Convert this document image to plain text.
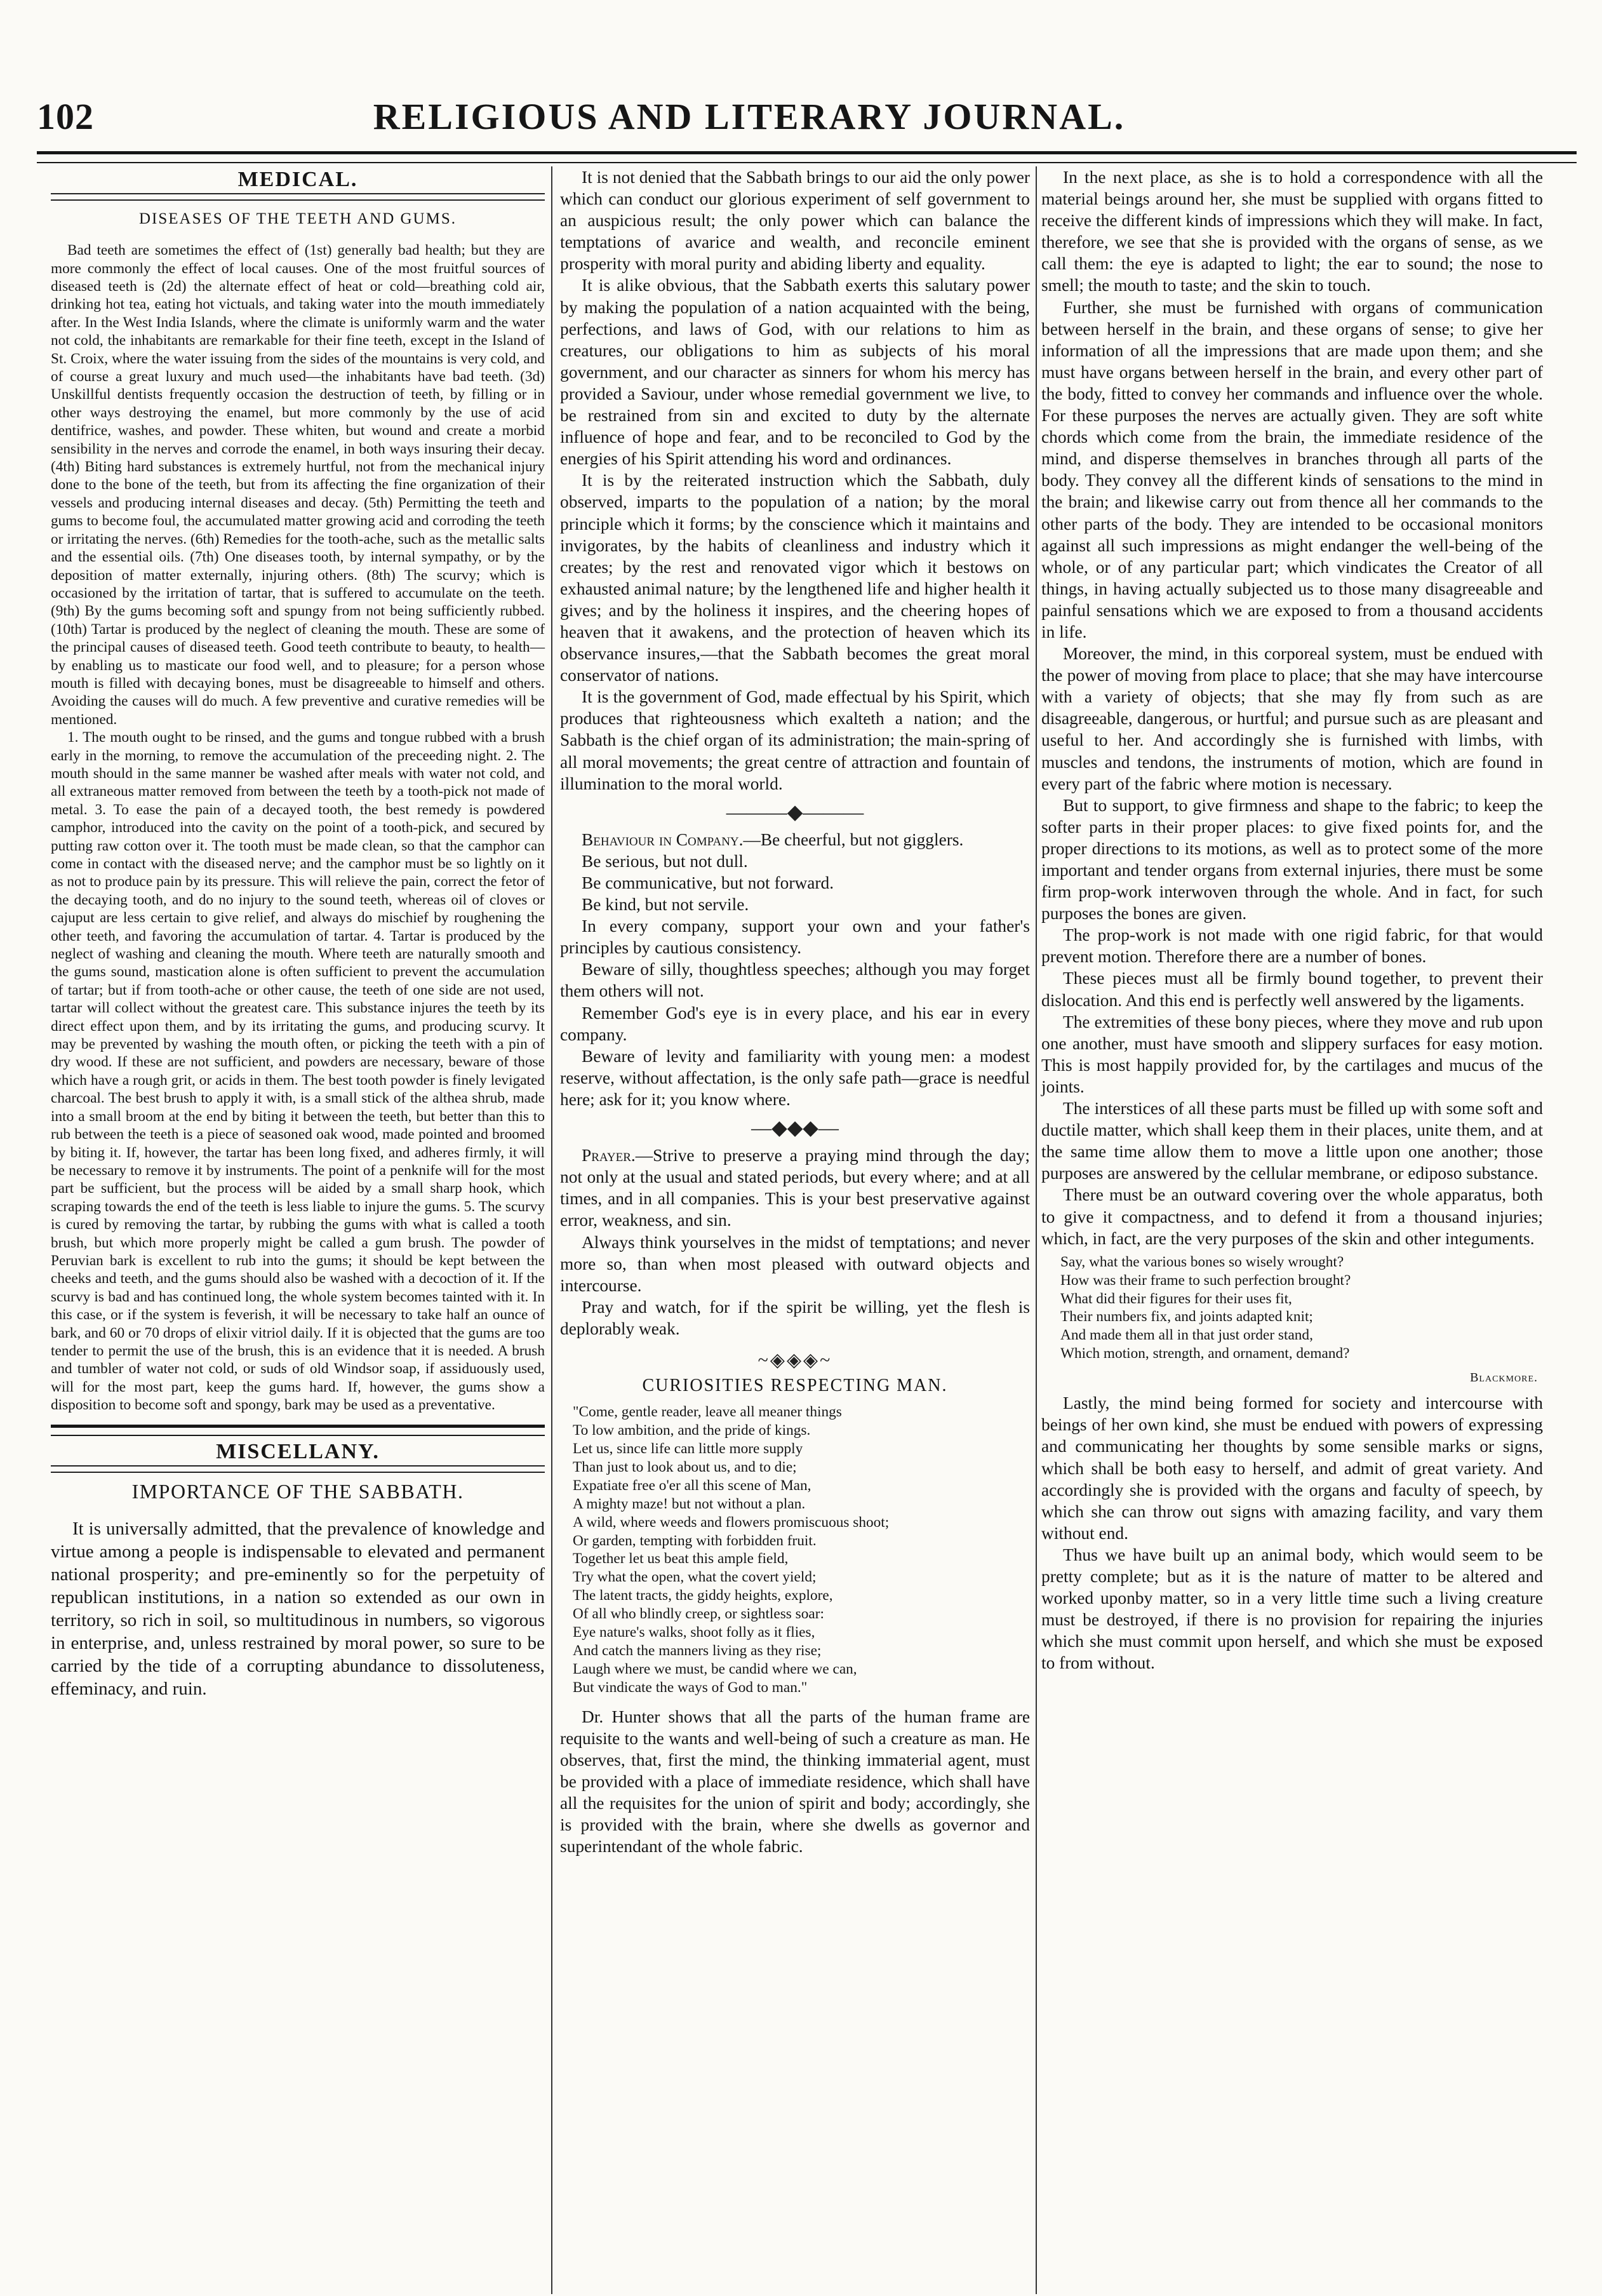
102	RELIGIOUS AND LITERARY JOURNAL.
MEDICAL.
DISEASES OF THE TEETH AND GUMS.

Bad teeth are sometimes the effect of (1st) generally bad health; but they are more commonly the effect of local causes. One of the most fruitful sources of diseased teeth is (2d) the alternate effect of heat or cold—breathing cold air, drinking hot tea, eating hot victuals, and taking water into the mouth immediately after. In the West India Islands, where the climate is uniformly warm and the water not cold, the inhabitants are remarkable for their fine teeth, except in the Island of St. Croix, where the water issuing from the sides of the mountains is very cold, and of course a great luxury and much used—the inhabitants have bad teeth. (3d) Unskillful dentists frequently occasion the destruction of teeth, by filling or in other ways destroying the enamel, but more commonly by the use of acid dentifrice, washes, and powder. These whiten, but wound and create a morbid sensibility in the nerves and corrode the enamel, in both ways insuring their decay. (4th) Biting hard substances is extremely hurtful, not from the mechanical injury done to the bone of the teeth, but from its affecting the fine organization of their vessels and producing internal diseases and decay. (5th) Permitting the teeth and gums to become foul, the accumulated matter growing acid and corroding the teeth or irritating the nerves. (6th) Remedies for the tooth-ache, such as the metallic salts and the essential oils. (7th) One diseases tooth, by internal sympathy, or by the deposition of matter externally, injuring others. (8th) The scurvy; which is occasioned by the irritation of tartar, that is suffered to accumulate on the teeth. (9th) By the gums becoming soft and spungy from not being sufficiently rubbed. (10th) Tartar is produced by the neglect of cleaning the mouth. These are some of the principal causes of diseased teeth. Good teeth contribute to beauty, to health—by enabling us to masticate our food well, and to pleasure; for a person whose mouth is filled with decaying bones, must be disagreeable to himself and others. Avoiding the causes will do much. A few preventive and curative remedies will be mentioned.

1. The mouth ought to be rinsed, and the gums and tongue rubbed with a brush early in the morning, to remove the accumulation of the preceeding night. 2. The mouth should in the same manner be washed after meals with water not cold, and all extraneous matter removed from between the teeth by a tooth-pick not made of metal. 3. To ease the pain of a decayed tooth, the best remedy is powdered camphor, introduced into the cavity on the point of a tooth-pick, and secured by putting raw cotton over it. The tooth must be made clean, so that the camphor can come in contact with the diseased nerve; and the camphor must be so lightly on it as not to produce pain by its pressure. This will relieve the pain, correct the fetor of the decaying tooth, and do no injury to the sound teeth, whereas oil of cloves or cajuput are less certain to give relief, and always do mischief by roughening the other teeth, and favoring the accumulation of tartar. 4. Tartar is produced by the neglect of washing and cleaning the mouth. Where teeth are naturally smooth and the gums sound, mastication alone is often sufficient to prevent the accumulation of tartar; but if from tooth-ache or other cause, the teeth of one side are not used, tartar will collect without the greatest care. This substance injures the teeth by its direct effect upon them, and by its irritating the gums, and producing scurvy. It may be prevented by washing the mouth often, or picking the teeth with a pin of dry wood. If these are not sufficient, and powders are necessary, beware of those which have a rough grit, or acids in them. The best tooth powder is finely levigated charcoal. The best brush to apply it with, is a small stick of the althea shrub, made into a small broom at the end by biting it between the teeth, but better than this to rub between the teeth is a piece of seasoned oak wood, made pointed and broomed by biting it. If, however, the tartar has been long fixed, and adheres firmly, it will be necessary to remove it by instruments. The point of a penknife will for the most part be sufficient, but the process will be aided by a small sharp hook, which scraping towards the end of the teeth is less liable to injure the gums. 5. The scurvy is cured by removing the tartar, by rubbing the gums with what is called a tooth brush, but which more properly might be called a gum brush. The powder of Peruvian bark is excellent to rub into the gums; it should be kept between the cheeks and teeth, and the gums should also be washed with a decoction of it. If the scurvy is bad and has continued long, the whole system becomes tainted with it. In this case, or if the system is feverish, it will be necessary to take half an ounce of bark, and 60 or 70 drops of elixir vitriol daily. If it is objected that the gums are too tender to permit the use of the brush, this is an evidence that it is needed. A brush and tumbler of water not cold, or suds of old Windsor soap, if assiduously used, will for the most part, keep the gums hard. If, however, the gums show a disposition to become soft and spongy, bark may be used as a preventative.

MISCELLANY.
IMPORTANCE OF THE SABBATH.

It is universally admitted, that the prevalence of knowledge and virtue among a people is indispensable to elevated and permanent national prosperity; and pre-eminently so for the perpetuity of republican institutions, in a nation so extended as our own in territory, so rich in soil, so multitudinous in numbers, so vigorous in enterprise, and, unless restrained by moral power, so sure to be carried by the tide of a corrupting abundance to dissoluteness, effeminacy, and ruin.

It is not denied that the Sabbath brings to our aid the only power which can conduct our glorious experiment of self government to an auspicious result; the only power which can balance the temptations of avarice and wealth, and reconcile eminent prosperity with moral purity and abiding liberty and equality.

It is alike obvious, that the Sabbath exerts this salutary power by making the population of a nation acquainted with the being, perfections, and laws of God, with our relations to him as creatures, our obligations to him as subjects of his moral government, and our character as sinners for whom his mercy has provided a Saviour, under whose remedial government we live, to be restrained from sin and excited to duty by the alternate influence of hope and fear, and to be reconciled to God by the energies of his Spirit attending his word and ordinances.

It is by the reiterated instruction which the Sabbath, duly observed, imparts to the population of a nation; by the moral principle which it forms; by the conscience which it maintains and invigorates, by the habits of cleanliness and industry which it creates; by the rest and renovated vigor which it bestows on exhausted animal nature; by the lengthened life and higher health it gives; and by the holiness it inspires, and the cheering hopes of heaven that it awakens, and the protection of heaven which its observance insures,—that the Sabbath becomes the great moral conservator of nations.

It is the government of God, made effectual by his Spirit, which produces that righteousness which exalteth a nation; and the Sabbath is the chief organ of its administration; the main-spring of all moral movements; the great centre of attraction and fountain of illumination to the moral world.

———◆———

Behaviour in Company.—Be cheerful, but not gigglers.

Be serious, but not dull.

Be communicative, but not forward.

Be kind, but not servile.

In every company, support your own and your father's principles by cautious consistency.

Beware of silly, thoughtless speeches; although you may forget them others will not.

Remember God's eye is in every place, and his ear in every company.

Beware of levity and familiarity with young men: a modest reserve, without affectation, is the only safe path—grace is needful here; ask for it; you know where.

—◆◆◆—

Prayer.—Strive to preserve a praying mind through the day; not only at the usual and stated periods, but every where; and at all times, and in all companies. This is your best preservative against error, weakness, and sin.

Always think yourselves in the midst of temptations; and never more so, than when most pleased with outward objects and intercourse.

Pray and watch, for if the spirit be willing, yet the flesh is deplorably weak.

~◈◈◈~
CURIOSITIES RESPECTING MAN.
"Come, gentle reader, leave all meaner things
To low ambition, and the pride of kings.
Let us, since life can little more supply
Than just to look about us, and to die;
Expatiate free o'er all this scene of Man,
A mighty maze! but not without a plan.
A wild, where weeds and flowers promiscuous shoot;
Or garden, tempting with forbidden fruit.
Together let us beat this ample field,
Try what the open, what the covert yield;
The latent tracts, the giddy heights, explore,
Of all who blindly creep, or sightless soar:
Eye nature's walks, shoot folly as it flies,
And catch the manners living as they rise;
Laugh where we must, be candid where we can,
But vindicate the ways of God to man."

Dr. Hunter shows that all the parts of the human frame are requisite to the wants and well-being of such a creature as man. He observes, that, first the mind, the thinking immaterial agent, must be provided with a place of immediate residence, which shall have all the requisites for the union of spirit and body; accordingly, she is provided with the brain, where she dwells as governor and superintendant of the whole fabric.

In the next place, as she is to hold a correspondence with all the material beings around her, she must be supplied with organs fitted to receive the different kinds of impressions which they will make. In fact, therefore, we see that she is provided with the organs of sense, as we call them: the eye is adapted to light; the ear to sound; the nose to smell; the mouth to taste; and the skin to touch.

Further, she must be furnished with organs of communication between herself in the brain, and these organs of sense; to give her information of all the impressions that are made upon them; and she must have organs between herself in the brain, and every other part of the body, fitted to convey her commands and influence over the whole. For these purposes the nerves are actually given. They are soft white chords which come from the brain, the immediate residence of the mind, and disperse themselves in branches through all parts of the body. They convey all the different kinds of sensations to the mind in the brain; and likewise carry out from thence all her commands to the other parts of the body. They are intended to be occasional monitors against all such impressions as might endanger the well-being of the whole, or of any particular part; which vindicates the Creator of all things, in having actually subjected us to those many disagreeable and painful sensations which we are exposed to from a thousand accidents in life.

Moreover, the mind, in this corporeal system, must be endued with the power of moving from place to place; that she may have intercourse with a variety of objects; that she may fly from such as are disagreeable, dangerous, or hurtful; and pursue such as are pleasant and useful to her. And accordingly she is furnished with limbs, with muscles and tendons, the instruments of motion, which are found in every part of the fabric where motion is necessary.

But to support, to give firmness and shape to the fabric; to keep the softer parts in their proper places: to give fixed points for, and the proper directions to its motions, as well as to protect some of the more important and tender organs from external injuries, there must be some firm prop-work interwoven through the whole. And in fact, for such purposes the bones are given.

The prop-work is not made with one rigid fabric, for that would prevent motion. Therefore there are a number of bones.

These pieces must all be firmly bound together, to prevent their dislocation. And this end is perfectly well answered by the ligaments.

The extremities of these bony pieces, where they move and rub upon one another, must have smooth and slippery surfaces for easy motion. This is most happily provided for, by the cartilages and mucus of the joints.

The interstices of all these parts must be filled up with some soft and ductile matter, which shall keep them in their places, unite them, and at the same time allow them to move a little upon one another; those purposes are answered by the cellular membrane, or ediposo substance.

There must be an outward covering over the whole apparatus, both to give it compactness, and to defend it from a thousand injuries; which, in fact, are the very purposes of the skin and other integuments.

Say, what the various bones so wisely wrought?
How was their frame to such perfection brought?
What did their figures for their uses fit,
Their numbers fix, and joints adapted knit;
And made them all in that just order stand,
Which motion, strength, and ornament, demand?
Blackmore.

Lastly, the mind being formed for society and intercourse with beings of her own kind, she must be endued with powers of expressing and communicating her thoughts by some sensible marks or signs, which shall be both easy to herself, and admit of great variety. And accordingly she is provided with the organs and faculty of speech, by which she can throw out signs with amazing facility, and vary them without end.

Thus we have built up an animal body, which would seem to be pretty complete; but as it is the nature of matter to be altered and worked uponby matter, so in a very little time such a living creature must be destroyed, if there is no provision for repairing the injuries which she must commit upon herself, and which she must be exposed to from without.
